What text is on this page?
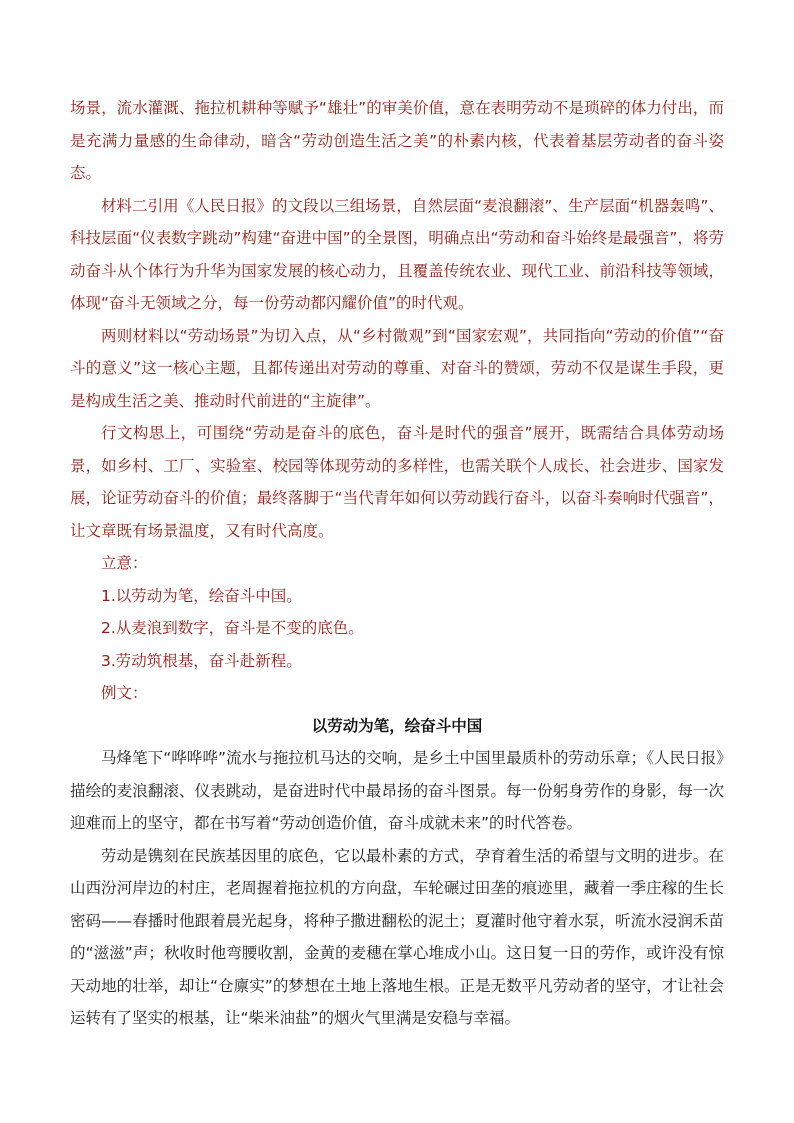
场景，流水灌溉、拖拉机耕种等赋予“雄壮”的审美价值，意在表明劳动不是琐碎的体力付出，而是充满力量感的生命律动，暗含“劳动创造生活之美”的朴素内核，代表着基层劳动者的奋斗姿态。

材料二引用《人民日报》的文段以三组场景，自然层面“麦浪翻滚”、生产层面“机器轰鸣”、科技层面“仪表数字跳动”构建“奋进中国”的全景图，明确点出“劳动和奋斗始终是最强音”，将劳动奋斗从个体行为升华为国家发展的核心动力，且覆盖传统农业、现代工业、前沿科技等领域，体现“奋斗无领域之分，每一份劳动都闪耀价值”的时代观。

两则材料以“劳动场景”为切入点，从“乡村微观”到“国家宏观”，共同指向“劳动的价值”“奋斗的意义”这一核心主题，且都传递出对劳动的尊重、对奋斗的赞颂，劳动不仅是谋生手段，更是构成生活之美、推动时代前进的“主旋律”。

行文构思上，可围绕“劳动是奋斗的底色，奋斗是时代的强音”展开，既需结合具体劳动场景，如乡村、工厂、实验室、校园等体现劳动的多样性，也需关联个人成长、社会进步、国家发展，论证劳动奋斗的价值；最终落脚于“当代青年如何以劳动践行奋斗，以奋斗奏响时代强音”，让文章既有场景温度，又有时代高度。

立意：

1.以劳动为笔，绘奋斗中国。

2.从麦浪到数字，奋斗是不变的底色。

3.劳动筑根基，奋斗赴新程。

例文：

以劳动为笔，绘奋斗中国

马烽笔下“哗哗哗”流水与拖拉机马达的交响，是乡土中国里最质朴的劳动乐章；《人民日报》描绘的麦浪翻滚、仪表跳动，是奋进时代中最昂扬的奋斗图景。每一份躬身劳作的身影，每一次迎难而上的坚守，都在书写着“劳动创造价值，奋斗成就未来”的时代答卷。

劳动是镌刻在民族基因里的底色，它以最朴素的方式，孕育着生活的希望与文明的进步。在山西汾河岸边的村庄，老周握着拖拉机的方向盘，车轮碾过田垄的痕迹里，藏着一季庄稼的生长密码——春播时他跟着晨光起身，将种子撒进翻松的泥土；夏灌时他守着水泵，听流水浸润禾苗的“滋滋”声；秋收时他弯腰收割，金黄的麦穗在掌心堆成小山。这日复一日的劳作，或许没有惊天动地的壮举，却让“仓廪实”的梦想在土地上落地生根。正是无数平凡劳动者的坚守，才让社会运转有了坚实的根基，让“柴米油盐”的烟火气里满是安稳与幸福。
